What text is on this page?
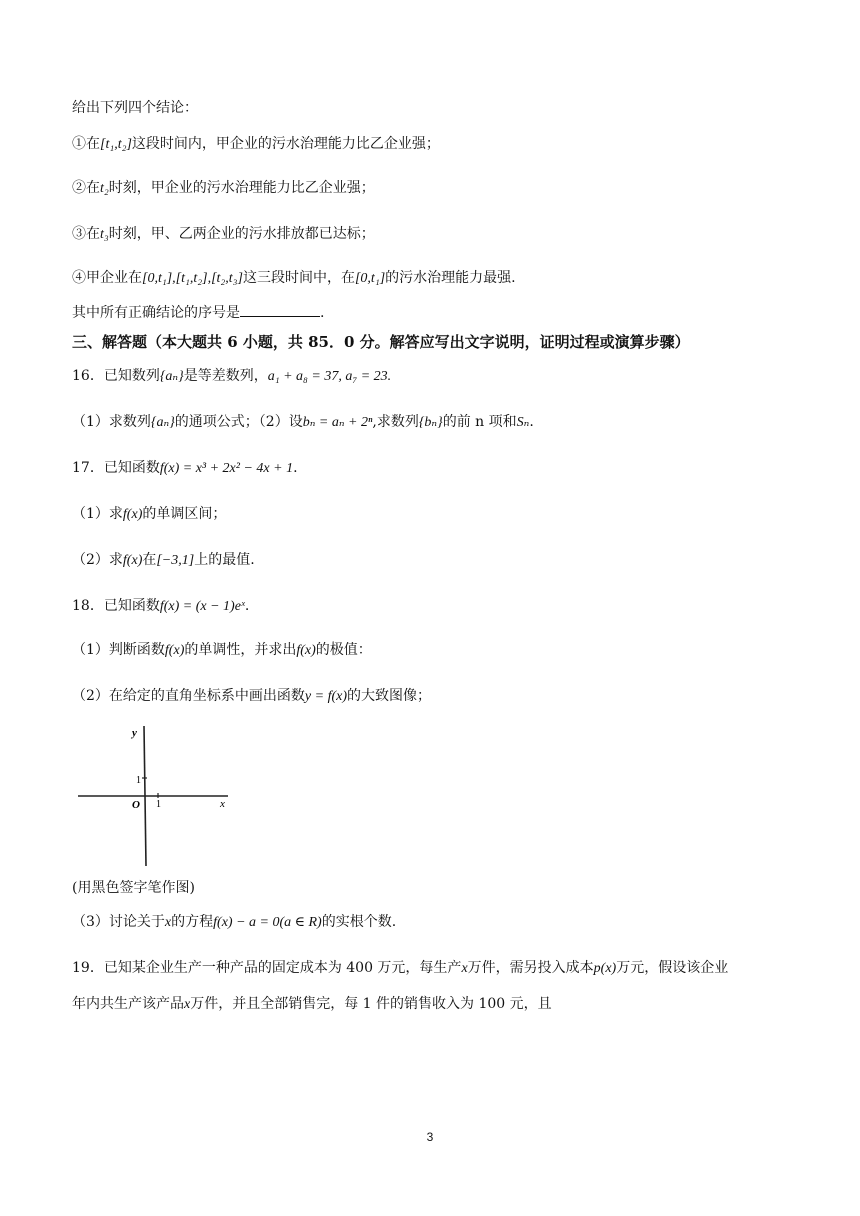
给出下列四个结论：
①在[t₁,t₂]这段时间内，甲企业的污水治理能力比乙企业强；
②在t₂时刻，甲企业的污水治理能力比乙企业强；
③在t₃时刻，甲、乙两企业的污水排放都已达标；
④甲企业在[0,t₁],[t₁,t₂],[t₂,t₃]这三段时间中，在[0,t₁]的污水治理能力最强.
其中所有正确结论的序号是	.
三、解答题（本大题共 6 小题，共 85．0 分。解答应写出文字说明，证明过程或演算步骤）
16．已知数列{aₙ}是等差数列，a₁ + a₈ = 37, a₇ = 23.
（1）求数列{aₙ}的通项公式；（2）设bₙ = aₙ + 2ⁿ,求数列{bₙ}的前 n 项和Sₙ.
17．已知函数f(x) = x³ + 2x² − 4x + 1.
（1）求f(x)的单调区间；
（2）求f(x)在[−3,1]上的最值.
18．已知函数f(x) = (x − 1)eˣ.
（1）判断函数f(x)的单调性，并求出f(x)的极值：
（2）在给定的直角坐标系中画出函数y = f(x)的大致图像；
y
x
O 1
1
(用黑色签字笔作图)
（3）讨论关于x的方程f(x) − a = 0(a ∈ R)的实根个数.
19．已知某企业生产一种产品的固定成本为 400 万元，每生产x万件，需另投入成本p(x)万元，假设该企业
年内共生产该产品x万件，并且全部销售完，每 1 件的销售收入为 100 元，且
3
